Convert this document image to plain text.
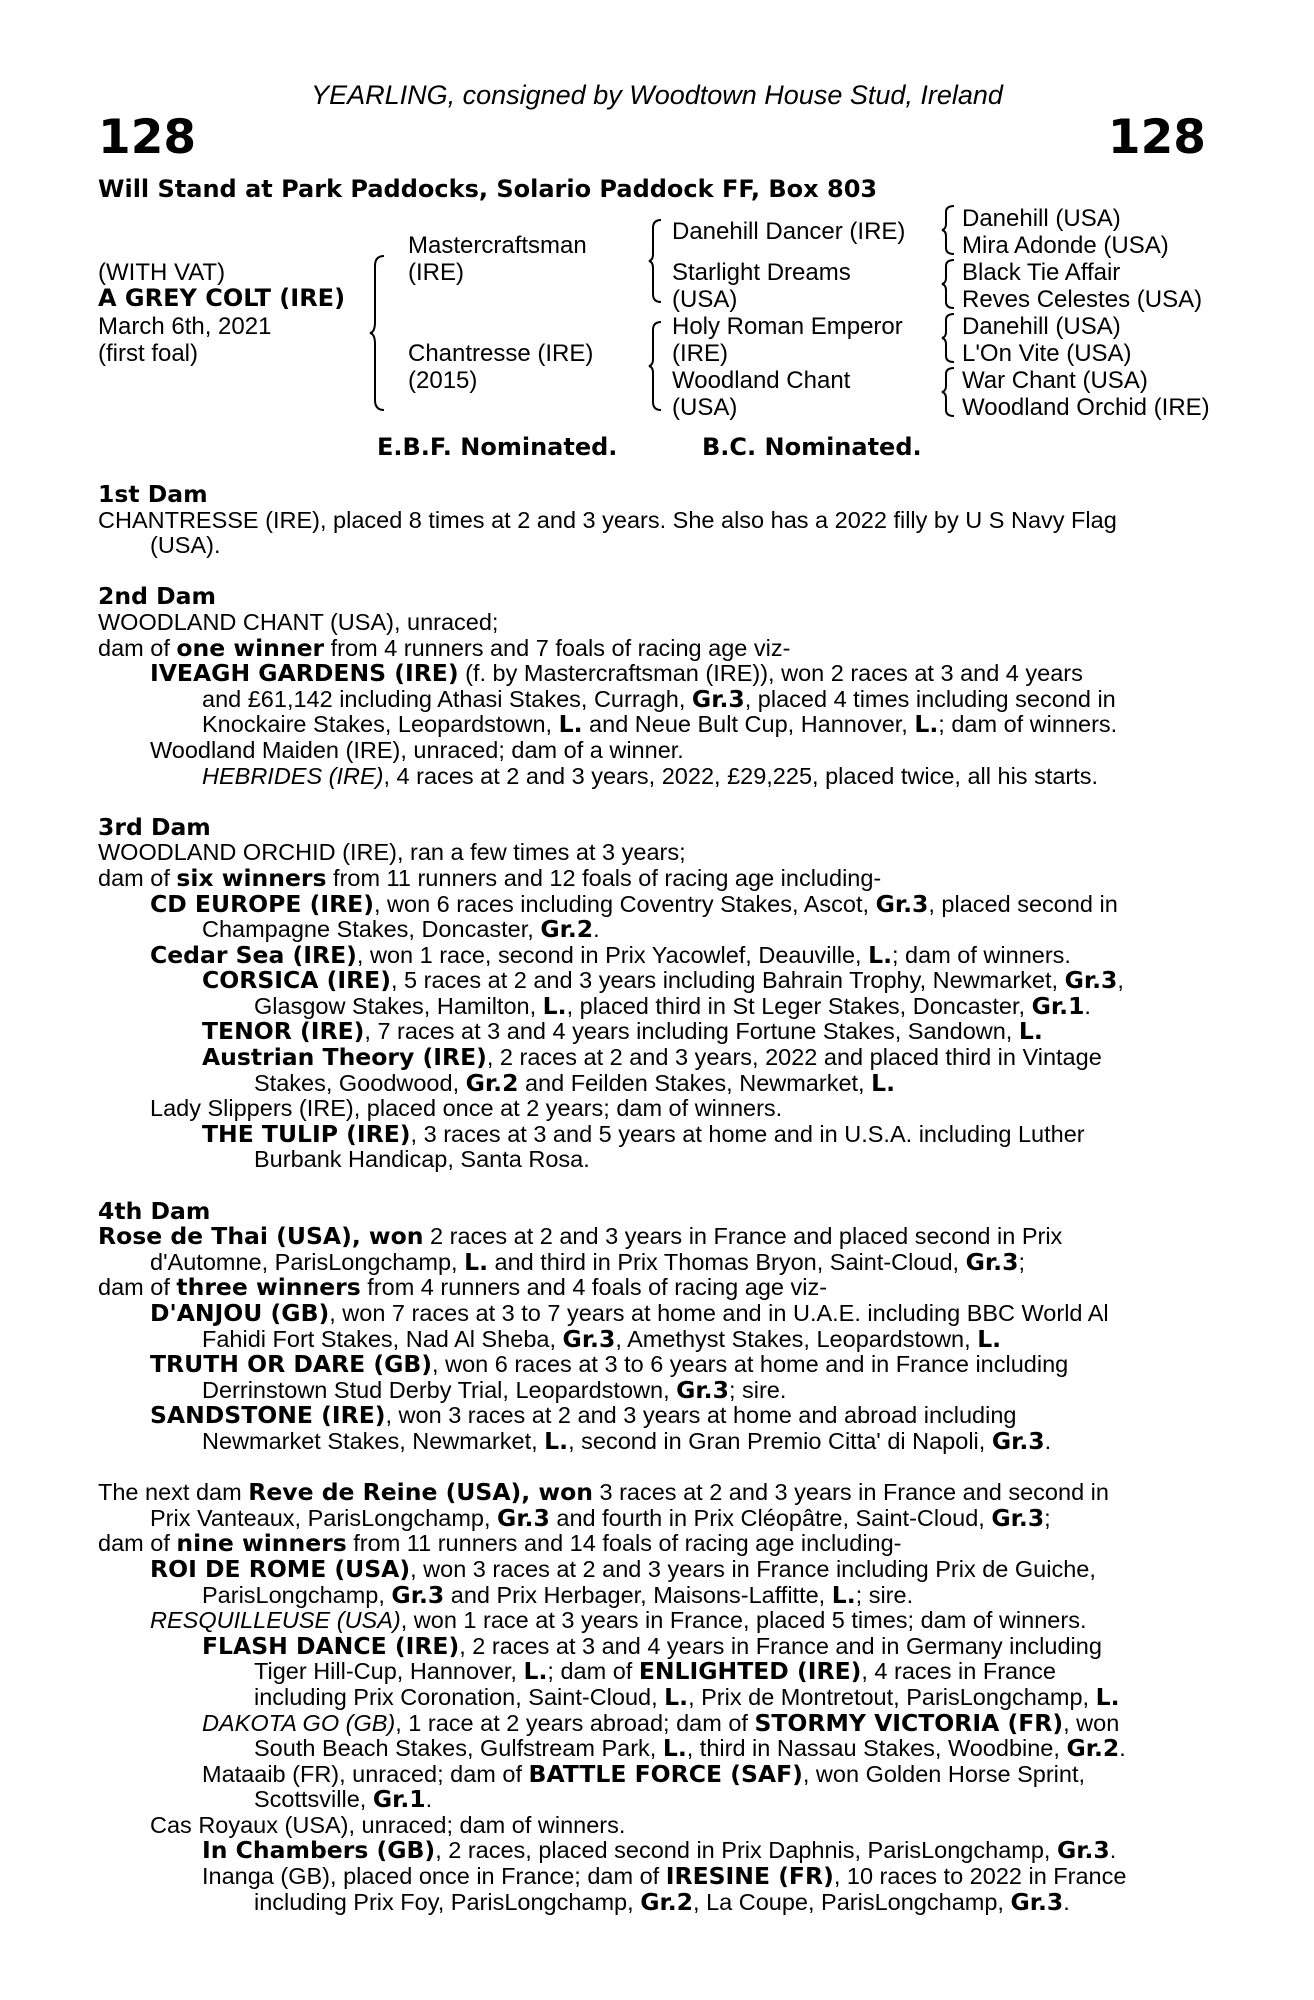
YEARLING, consigned by Woodtown House Stud, Ireland
128	128
Will Stand at Park Paddocks, Solario Paddock FF, Box 803
(WITH VAT)
A GREY COLT (IRE)
March 6th, 2021
(first foal)
Mastercraftsman
(IRE)
Chantresse (IRE)
(2015)
Danehill Dancer (IRE)
Starlight Dreams
(USA)
Holy Roman Emperor
(IRE)
Woodland Chant
(USA)
Danehill (USA)
Mira Adonde (USA)
Black Tie Affair
Reves Celestes (USA)
Danehill (USA)
L'On Vite (USA)
War Chant (USA)
Woodland Orchid (IRE)
E.B.F. Nominated.	B.C. Nominated.
1st Dam
CHANTRESSE (IRE), placed 8 times at 2 and 3 years. She also has a 2022 filly by U S Navy Flag
(USA).
2nd Dam
WOODLAND CHANT (USA), unraced;
dam of one winner from 4 runners and 7 foals of racing age viz-
IVEAGH GARDENS (IRE) (f. by Mastercraftsman (IRE)), won 2 races at 3 and 4 years
and £61,142 including Athasi Stakes, Curragh, Gr.3, placed 4 times including second in
Knockaire Stakes, Leopardstown, L. and Neue Bult Cup, Hannover, L.; dam of winners.
Woodland Maiden (IRE), unraced; dam of a winner.
HEBRIDES (IRE), 4 races at 2 and 3 years, 2022, £29,225, placed twice, all his starts.
3rd Dam
WOODLAND ORCHID (IRE), ran a few times at 3 years;
dam of six winners from 11 runners and 12 foals of racing age including-
CD EUROPE (IRE), won 6 races including Coventry Stakes, Ascot, Gr.3, placed second in
Champagne Stakes, Doncaster, Gr.2.
Cedar Sea (IRE), won 1 race, second in Prix Yacowlef, Deauville, L.; dam of winners.
CORSICA (IRE), 5 races at 2 and 3 years including Bahrain Trophy, Newmarket, Gr.3,
Glasgow Stakes, Hamilton, L., placed third in St Leger Stakes, Doncaster, Gr.1.
TENOR (IRE), 7 races at 3 and 4 years including Fortune Stakes, Sandown, L.
Austrian Theory (IRE), 2 races at 2 and 3 years, 2022 and placed third in Vintage
Stakes, Goodwood, Gr.2 and Feilden Stakes, Newmarket, L.
Lady Slippers (IRE), placed once at 2 years; dam of winners.
THE TULIP (IRE), 3 races at 3 and 5 years at home and in U.S.A. including Luther
Burbank Handicap, Santa Rosa.
4th Dam
Rose de Thai (USA), won 2 races at 2 and 3 years in France and placed second in Prix
d'Automne, ParisLongchamp, L. and third in Prix Thomas Bryon, Saint-Cloud, Gr.3;
dam of three winners from 4 runners and 4 foals of racing age viz-
D'ANJOU (GB), won 7 races at 3 to 7 years at home and in U.A.E. including BBC World Al
Fahidi Fort Stakes, Nad Al Sheba, Gr.3, Amethyst Stakes, Leopardstown, L.
TRUTH OR DARE (GB), won 6 races at 3 to 6 years at home and in France including
Derrinstown Stud Derby Trial, Leopardstown, Gr.3; sire.
SANDSTONE (IRE), won 3 races at 2 and 3 years at home and abroad including
Newmarket Stakes, Newmarket, L., second in Gran Premio Citta' di Napoli, Gr.3.
The next dam Reve de Reine (USA), won 3 races at 2 and 3 years in France and second in
Prix Vanteaux, ParisLongchamp, Gr.3 and fourth in Prix Cléopâtre, Saint-Cloud, Gr.3;
dam of nine winners from 11 runners and 14 foals of racing age including-
ROI DE ROME (USA), won 3 races at 2 and 3 years in France including Prix de Guiche,
ParisLongchamp, Gr.3 and Prix Herbager, Maisons-Laffitte, L.; sire.
RESQUILLEUSE (USA), won 1 race at 3 years in France, placed 5 times; dam of winners.
FLASH DANCE (IRE), 2 races at 3 and 4 years in France and in Germany including
Tiger Hill-Cup, Hannover, L.; dam of ENLIGHTED (IRE), 4 races in France
including Prix Coronation, Saint-Cloud, L., Prix de Montretout, ParisLongchamp, L.
DAKOTA GO (GB), 1 race at 2 years abroad; dam of STORMY VICTORIA (FR), won
South Beach Stakes, Gulfstream Park, L., third in Nassau Stakes, Woodbine, Gr.2.
Mataaib (FR), unraced; dam of BATTLE FORCE (SAF), won Golden Horse Sprint,
Scottsville, Gr.1.
Cas Royaux (USA), unraced; dam of winners.
In Chambers (GB), 2 races, placed second in Prix Daphnis, ParisLongchamp, Gr.3.
Inanga (GB), placed once in France; dam of IRESINE (FR), 10 races to 2022 in France
including Prix Foy, ParisLongchamp, Gr.2, La Coupe, ParisLongchamp, Gr.3.
